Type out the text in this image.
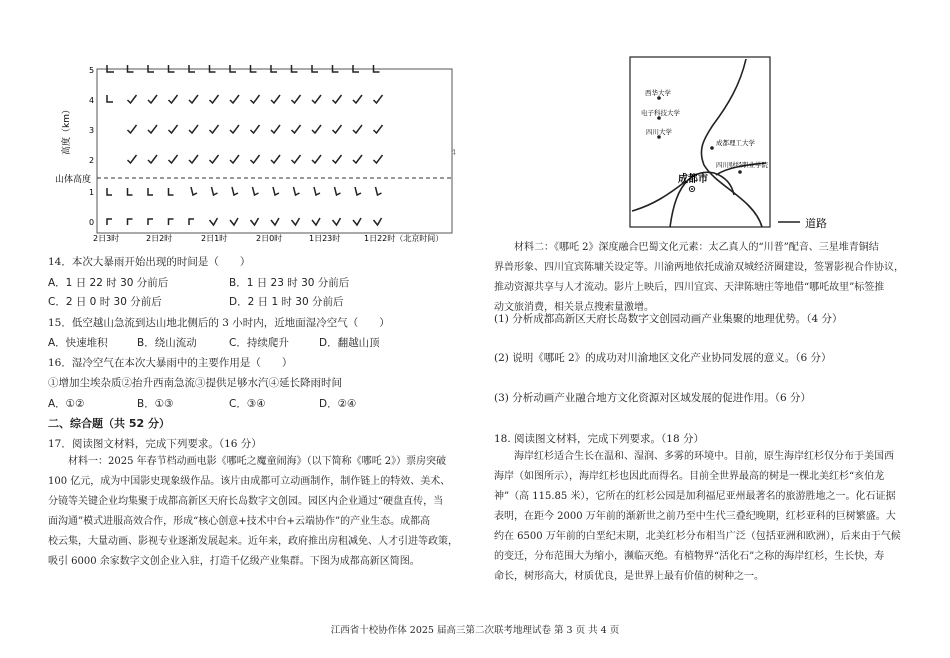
高度（km）
山体高度
5
4
3
2
1
0
2日3时	2日2时	2日1时	2日0时	1日23时	1日22时（北京时间）
4
14．本次大暴雨开始出现的时间是（　　）
A．1 日 22 时 30 分前后	B．1 日 23 时 30 分前后
C．2 日 0 时 30 分前后	D．2 日 1 时 30 分前后
15．低空越山急流到达山地北侧后的 3 小时内，近地面湿冷空气（　　）
A．快速堆积	B．绕山流动	C．持续爬升	D．翻越山顶
16．湿冷空气在本次大暴雨中的主要作用是（　　）
①增加尘埃杂质②抬升西南急流③提供足够水汽④延长降雨时间
A．①②	B．①③	C．③④	D．②④
二、综合题（共 52 分）
17．阅读图文材料，完成下列要求。（16 分）
材料一：2025 年春节档动画电影《哪吒之魔童闹海》（以下简称《哪吒 2》）票房突破
100 亿元，成为中国影史现象级作品。该片由成都可立动画制作，制作链上的特效、美术、
分镜等关键企业均集聚于成都高新区天府长岛数字文创园。园区内企业通过“硬盘直传，当
面沟通”模式进服高效合作，形成“核心创意+技术中台+云端协作”的产业生态。成都高
校云集，大量动画、影视专业逐渐发展起来。近年来，政府推出房租减免、人才引进等政策，
吸引 6000 余家数字文创企业入驻，打造千亿级产业集群。下图为成都高新区简图。
西华大学
电子科技大学
四川大学
成都理工大学
四川财经职业学院
成都市
道路
材料二：《哪吒 2》深度融合巴蜀文化元素：太乙真人的“川普”配音、三星堆青铜结
界兽形象、四川宜宾陈墉关设定等。川渝两地依托成渝双城经济圈建设，签署影视合作协议，
推动资源共享与人才流动。影片上映后，四川宜宾、天津陈塘庄等地借“哪吒故里”标签推
动文旅消费，相关景点搜索量激增。
(1) 分析成都高新区天府长岛数字文创园动画产业集聚的地理优势。（4 分）
(2) 说明《哪吒 2》的成功对川渝地区文化产业协同发展的意义。（6 分）
(3) 分析动画产业融合地方文化资源对区域发展的促进作用。（6 分）
18. 阅读图文材料，完成下列要求。（18 分）
海岸红杉适合生长在温和、湿润、多雾的环境中。目前，原生海岸红杉仅分布于美国西
海岸（如图所示），海岸红杉也因此而得名。目前全世界最高的树是一棵北美红杉“亥伯龙
神”（高 115.85 米），它所在的红杉公园是加利福尼亚州最著名的旅游胜地之一。化石证据
表明，在距今 2000 万年前的渐新世之前乃至中生代三叠纪晚期，红杉亚科的巨树繁盛。大
约在 6500 万年前的白垩纪末期，北美红杉分布相当广泛（包括亚洲和欧洲），后来由于气候
的变迁，分布范围大为缩小，濒临灭绝。有植物界“活化石”之称的海岸红杉，生长快，寿
命长，树形高大，材质优良，是世界上最有价值的树种之一。
江西省十校协作体 2025 届高三第二次联考地理试卷 第 3 页 共 4 页
